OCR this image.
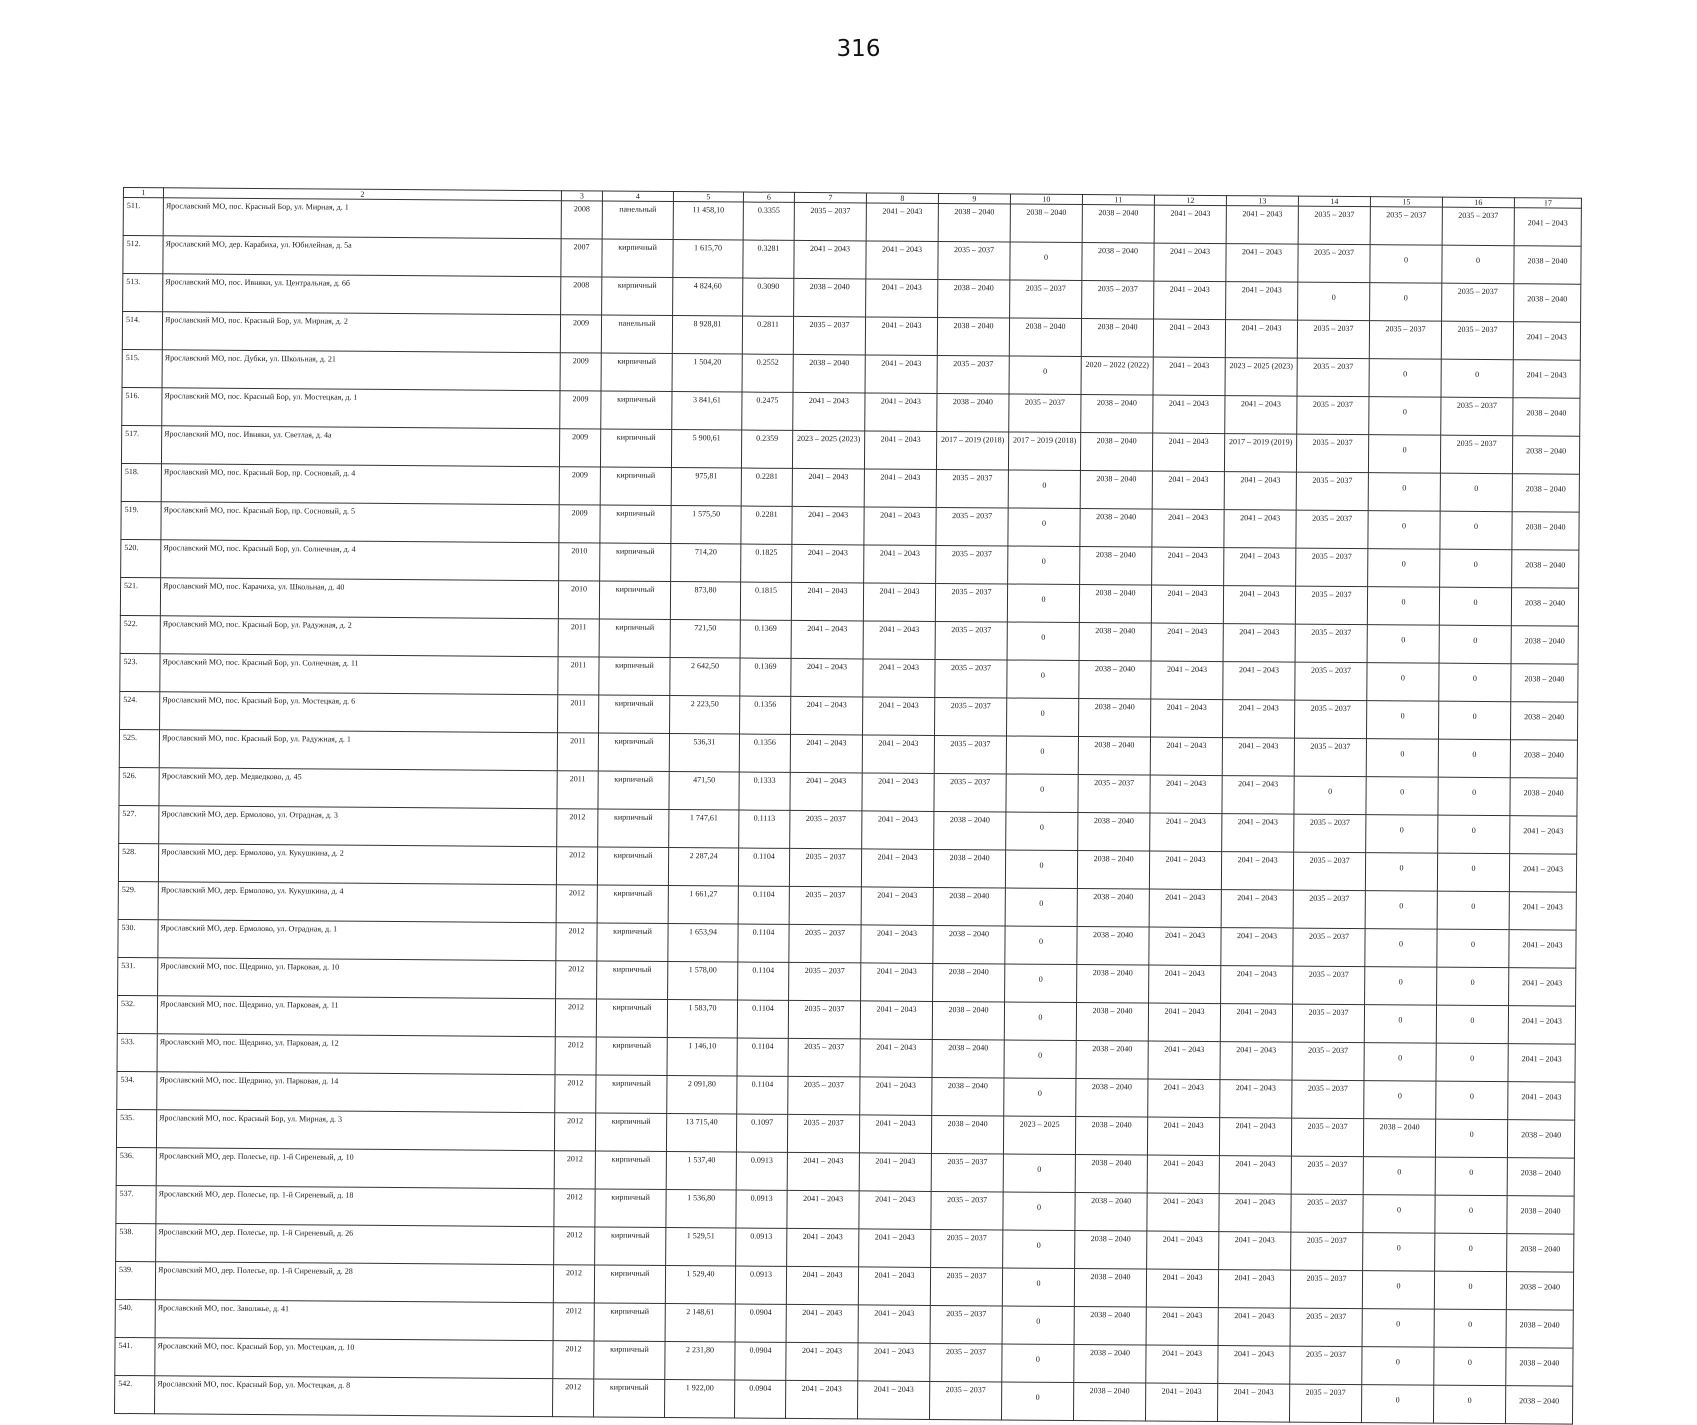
316
1	2	3	4	5	6	7	8	9	10	11	12	13	14	15	16	17
511.	Ярославский МО, пос. Красный Бор, ул. Мирная, д. 1	2008	панельный	11 458,10	0.3355	2035 – 2037	2041 – 2043	2038 – 2040	2038 – 2040	2038 – 2040	2041 – 2043	2041 – 2043	2035 – 2037	2035 – 2037	2035 – 2037	2041 – 2043
512.	Ярославский МО, дер. Карабиха, ул. Юбилейная, д. 5а	2007	кирпичный	1 615,70	0.3281	2041 – 2043	2041 – 2043	2035 – 2037	0	2038 – 2040	2041 – 2043	2041 – 2043	2035 – 2037	0	0	2038 – 2040
513.	Ярославский МО, пос. Ивняки, ул. Центральная, д. 6б	2008	кирпичный	4 824,60	0.3090	2038 – 2040	2041 – 2043	2038 – 2040	2035 – 2037	2035 – 2037	2041 – 2043	2041 – 2043	0	0	2035 – 2037	2038 – 2040
514.	Ярославский МО, пос. Красный Бор, ул. Мирная, д. 2	2009	панельный	8 928,81	0.2811	2035 – 2037	2041 – 2043	2038 – 2040	2038 – 2040	2038 – 2040	2041 – 2043	2041 – 2043	2035 – 2037	2035 – 2037	2035 – 2037	2041 – 2043
515.	Ярославский МО, пос. Дубки, ул. Школьная, д. 21	2009	кирпичный	1 504,20	0.2552	2038 – 2040	2041 – 2043	2035 – 2037	0	2020 – 2022 (2022)	2041 – 2043	2023 – 2025 (2023)	2035 – 2037	0	0	2041 – 2043
516.	Ярославский МО, пос. Красный Бор, ул. Мостецкая, д. 1	2009	кирпичный	3 841,61	0.2475	2041 – 2043	2041 – 2043	2038 – 2040	2035 – 2037	2038 – 2040	2041 – 2043	2041 – 2043	2035 – 2037	0	2035 – 2037	2038 – 2040
517.	Ярославский МО, пос. Ивняки, ул. Светлая, д. 4а	2009	кирпичный	5 900,61	0.2359	2023 – 2025 (2023)	2041 – 2043	2017 – 2019 (2018)	2017 – 2019 (2018)	2038 – 2040	2041 – 2043	2017 – 2019 (2019)	2035 – 2037	0	2035 – 2037	2038 – 2040
518.	Ярославский МО, пос. Красный Бор, пр. Сосновый, д. 4	2009	кирпичный	975,81	0.2281	2041 – 2043	2041 – 2043	2035 – 2037	0	2038 – 2040	2041 – 2043	2041 – 2043	2035 – 2037	0	0	2038 – 2040
519.	Ярославский МО, пос. Красный Бор, пр. Сосновый, д. 5	2009	кирпичный	1 575,50	0.2281	2041 – 2043	2041 – 2043	2035 – 2037	0	2038 – 2040	2041 – 2043	2041 – 2043	2035 – 2037	0	0	2038 – 2040
520.	Ярославский МО, пос. Красный Бор, ул. Солнечная, д. 4	2010	кирпичный	714,20	0.1825	2041 – 2043	2041 – 2043	2035 – 2037	0	2038 – 2040	2041 – 2043	2041 – 2043	2035 – 2037	0	0	2038 – 2040
521.	Ярославский МО, пос. Карачиха, ул. Школьная, д. 40	2010	кирпичный	873,80	0.1815	2041 – 2043	2041 – 2043	2035 – 2037	0	2038 – 2040	2041 – 2043	2041 – 2043	2035 – 2037	0	0	2038 – 2040
522.	Ярославский МО, пос. Красный Бор, ул. Радужная, д. 2	2011	кирпичный	721,50	0.1369	2041 – 2043	2041 – 2043	2035 – 2037	0	2038 – 2040	2041 – 2043	2041 – 2043	2035 – 2037	0	0	2038 – 2040
523.	Ярославский МО, пос. Красный Бор, ул. Солнечная, д. 11	2011	кирпичный	2 642,50	0.1369	2041 – 2043	2041 – 2043	2035 – 2037	0	2038 – 2040	2041 – 2043	2041 – 2043	2035 – 2037	0	0	2038 – 2040
524.	Ярославский МО, пос. Красный Бор, ул. Мостецкая, д. 6	2011	кирпичный	2 223,50	0.1356	2041 – 2043	2041 – 2043	2035 – 2037	0	2038 – 2040	2041 – 2043	2041 – 2043	2035 – 2037	0	0	2038 – 2040
525.	Ярославский МО, пос. Красный Бор, ул. Радужная, д. 1	2011	кирпичный	536,31	0.1356	2041 – 2043	2041 – 2043	2035 – 2037	0	2038 – 2040	2041 – 2043	2041 – 2043	2035 – 2037	0	0	2038 – 2040
526.	Ярославский МО, дер. Медведково, д. 45	2011	кирпичный	471,50	0.1333	2041 – 2043	2041 – 2043	2035 – 2037	0	2035 – 2037	2041 – 2043	2041 – 2043	0	0	0	2038 – 2040
527.	Ярославский МО, дер. Ермолово, ул. Отрадная, д. 3	2012	кирпичный	1 747,61	0.1113	2035 – 2037	2041 – 2043	2038 – 2040	0	2038 – 2040	2041 – 2043	2041 – 2043	2035 – 2037	0	0	2041 – 2043
528.	Ярославский МО, дер. Ермолово, ул. Кукушкина, д. 2	2012	кирпичный	2 287,24	0.1104	2035 – 2037	2041 – 2043	2038 – 2040	0	2038 – 2040	2041 – 2043	2041 – 2043	2035 – 2037	0	0	2041 – 2043
529.	Ярославский МО, дер. Ермолово, ул. Кукушкина, д. 4	2012	кирпичный	1 661,27	0.1104	2035 – 2037	2041 – 2043	2038 – 2040	0	2038 – 2040	2041 – 2043	2041 – 2043	2035 – 2037	0	0	2041 – 2043
530.	Ярославский МО, дер. Ермолово, ул. Отрадная, д. 1	2012	кирпичный	1 653,94	0.1104	2035 – 2037	2041 – 2043	2038 – 2040	0	2038 – 2040	2041 – 2043	2041 – 2043	2035 – 2037	0	0	2041 – 2043
531.	Ярославский МО, пос. Щедрино, ул. Парковая, д. 10	2012	кирпичный	1 578,00	0.1104	2035 – 2037	2041 – 2043	2038 – 2040	0	2038 – 2040	2041 – 2043	2041 – 2043	2035 – 2037	0	0	2041 – 2043
532.	Ярославский МО, пос. Щедрино, ул. Парковая, д. 11	2012	кирпичный	1 583,70	0.1104	2035 – 2037	2041 – 2043	2038 – 2040	0	2038 – 2040	2041 – 2043	2041 – 2043	2035 – 2037	0	0	2041 – 2043
533.	Ярославский МО, пос. Щедрино, ул. Парковая, д. 12	2012	кирпичный	1 146,10	0.1104	2035 – 2037	2041 – 2043	2038 – 2040	0	2038 – 2040	2041 – 2043	2041 – 2043	2035 – 2037	0	0	2041 – 2043
534.	Ярославский МО, пос. Щедрино, ул. Парковая, д. 14	2012	кирпичный	2 091,80	0.1104	2035 – 2037	2041 – 2043	2038 – 2040	0	2038 – 2040	2041 – 2043	2041 – 2043	2035 – 2037	0	0	2041 – 2043
535.	Ярославский МО, пос. Красный Бор, ул. Мирная, д. 3	2012	кирпичный	13 715,40	0.1097	2035 – 2037	2041 – 2043	2038 – 2040	2023 – 2025	2038 – 2040	2041 – 2043	2041 – 2043	2035 – 2037	2038 – 2040	0	2038 – 2040
536.	Ярославский МО, дер. Полесье, пр. 1-й Сиреневый, д. 10	2012	кирпичный	1 537,40	0.0913	2041 – 2043	2041 – 2043	2035 – 2037	0	2038 – 2040	2041 – 2043	2041 – 2043	2035 – 2037	0	0	2038 – 2040
537.	Ярославский МО, дер. Полесье, пр. 1-й Сиреневый, д. 18	2012	кирпичный	1 536,80	0.0913	2041 – 2043	2041 – 2043	2035 – 2037	0	2038 – 2040	2041 – 2043	2041 – 2043	2035 – 2037	0	0	2038 – 2040
538.	Ярославский МО, дер. Полесье, пр. 1-й Сиреневый, д. 26	2012	кирпичный	1 529,51	0.0913	2041 – 2043	2041 – 2043	2035 – 2037	0	2038 – 2040	2041 – 2043	2041 – 2043	2035 – 2037	0	0	2038 – 2040
539.	Ярославский МО, дер. Полесье, пр. 1-й Сиреневый, д. 28	2012	кирпичный	1 529,40	0.0913	2041 – 2043	2041 – 2043	2035 – 2037	0	2038 – 2040	2041 – 2043	2041 – 2043	2035 – 2037	0	0	2038 – 2040
540.	Ярославский МО, пос. Заволжье, д. 41	2012	кирпичный	2 148,61	0.0904	2041 – 2043	2041 – 2043	2035 – 2037	0	2038 – 2040	2041 – 2043	2041 – 2043	2035 – 2037	0	0	2038 – 2040
541.	Ярославский МО, пос. Красный Бор, ул. Мостецкая, д. 10	2012	кирпичный	2 231,80	0.0904	2041 – 2043	2041 – 2043	2035 – 2037	0	2038 – 2040	2041 – 2043	2041 – 2043	2035 – 2037	0	0	2038 – 2040
542.	Ярославский МО, пос. Красный Бор, ул. Мостецкая, д. 8	2012	кирпичный	1 922,00	0.0904	2041 – 2043	2041 – 2043	2035 – 2037	0	2038 – 2040	2041 – 2043	2041 – 2043	2035 – 2037	0	0	2038 – 2040
